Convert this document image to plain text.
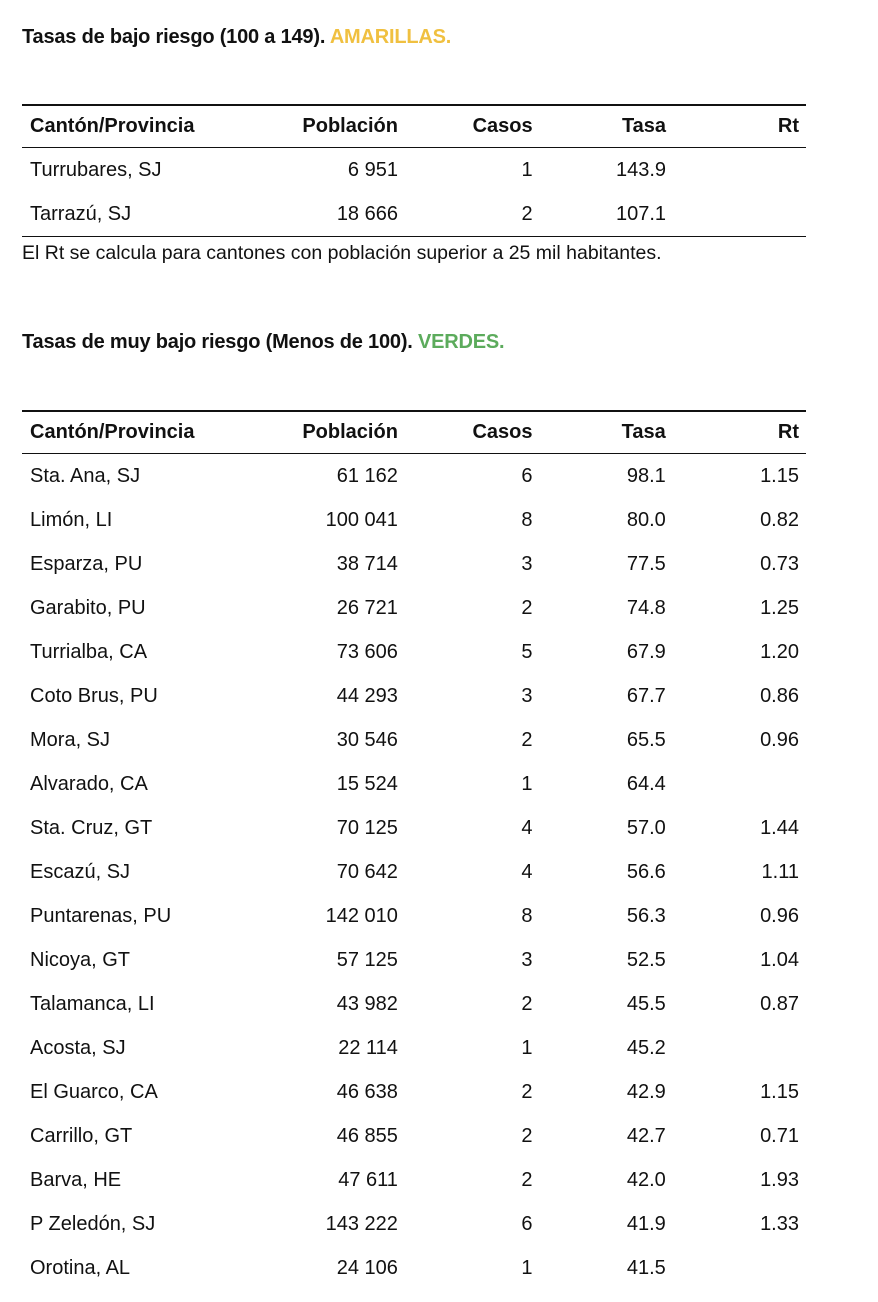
Tasas de bajo riesgo (100 a 149). AMARILLAS.
Cantón/Provincia	Población	Casos	Tasa	Rt
Turrubares, SJ	6 951	1	143.9	
Tarrazú, SJ	18 666	2	107.1	
El Rt se calcula para cantones con población superior a 25 mil habitantes.
Tasas de muy bajo riesgo (Menos de 100). VERDES.
Cantón/Provincia	Población	Casos	Tasa	Rt
Sta. Ana, SJ	61 162	6	98.1	1.15
Limón, LI	100 041	8	80.0	0.82
Esparza, PU	38 714	3	77.5	0.73
Garabito, PU	26 721	2	74.8	1.25
Turrialba, CA	73 606	5	67.9	1.20
Coto Brus, PU	44 293	3	67.7	0.86
Mora, SJ	30 546	2	65.5	0.96
Alvarado, CA	15 524	1	64.4	
Sta. Cruz, GT	70 125	4	57.0	1.44
Escazú, SJ	70 642	4	56.6	1.11
Puntarenas, PU	142 010	8	56.3	0.96
Nicoya, GT	57 125	3	52.5	1.04
Talamanca, LI	43 982	2	45.5	0.87
Acosta, SJ	22 114	1	45.2	
El Guarco, CA	46 638	2	42.9	1.15
Carrillo, GT	46 855	2	42.7	0.71
Barva, HE	47 611	2	42.0	1.93
P Zeledón, SJ	143 222	6	41.9	1.33
Orotina, AL	24 106	1	41.5	
